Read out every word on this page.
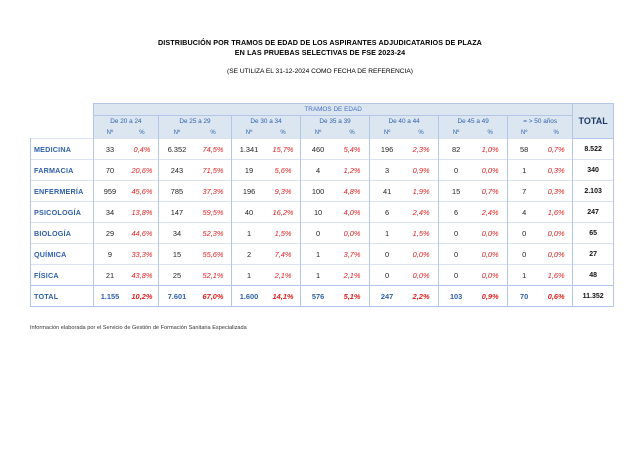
DISTRIBUCIÓN POR TRAMOS DE EDAD DE LOS ASPIRANTES ADJUDICATARIOS DE PLAZA
EN LAS PRUEBAS SELECTIVAS DE FSE 2023-24
(SE UTILIZA EL 31-12-2024 COMO FECHA DE REFERENCIA)
	TRAMOS DE EDAD														TOTAL
	De 20 a 24		De 25 a 29		De 30 a 34		De 35 a 39		De 40 a 44		De 45 a 49		= > 50 años		
	Nº	%	Nº	%	Nº	%	Nº	%	Nº	%	Nº	%	Nº	%	
MEDICINA	33	0,4%	6.352	74,5%	1.341	15,7%	460	5,4%	196	2,3%	82	1,0%	58	0,7%	8.522
FARMACIA	70	20,6%	243	71,5%	19	5,6%	4	1,2%	3	0,9%	0	0,0%	1	0,3%	340
ENFERMERÍA	959	45,6%	785	37,3%	196	9,3%	100	4,8%	41	1,9%	15	0,7%	7	0,3%	2.103
PSICOLOGÍA	34	13,8%	147	59,5%	40	16,2%	10	4,0%	6	2,4%	6	2,4%	4	1,6%	247
BIOLOGÍA	29	44,6%	34	52,3%	1	1,5%	0	0,0%	1	1,5%	0	0,0%	0	0,0%	65
QUÍMICA	9	33,3%	15	55,6%	2	7,4%	1	3,7%	0	0,0%	0	0,0%	0	0,0%	27
FÍSICA	21	43,8%	25	52,1%	1	2,1%	1	2,1%	0	0,0%	0	0,0%	1	1,6%	48
TOTAL	1.155	10,2%	7.601	67,0%	1.600	14,1%	576	5,1%	247	2,2%	103	0,9%	70	0,6%	11.352
Información elaborada por el Servicio de Gestión de Formación Sanitaria Especializada
